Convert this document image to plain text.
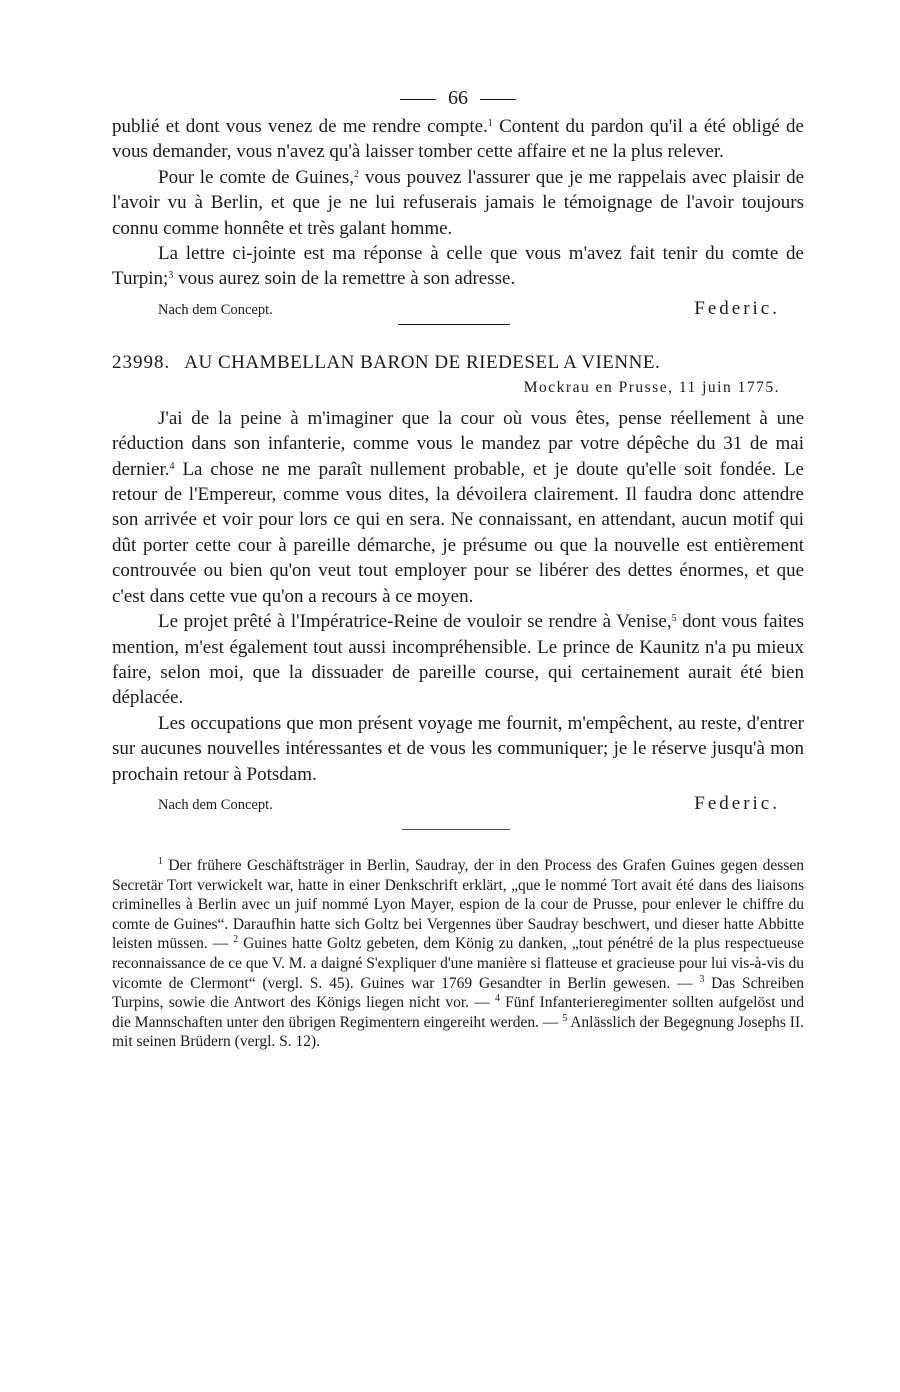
66

publié et dont vous venez de me rendre compte.$^1$ Content du pardon qu'il a été obligé de vous demander, vous n'avez qu'à laisser tomber cette affaire et ne la plus relever.

Pour le comte de Guines,$^2$ vous pouvez l'assurer que je me rappelais avec plaisir de l'avoir vu à Berlin, et que je ne lui refuserais jamais le témoignage de l'avoir toujours connu comme honnête et très galant homme.

La lettre ci-jointe est ma réponse à celle que vous m'avez fait tenir du comte de Turpin;$^3$ vous aurez soin de la remettre à son adresse.

Nach dem Concept.	Federic.
23998. AU CHAMBELLAN BARON DE RIEDESEL A VIENNE.
Mockrau en Prusse, 11 juin 1775.

J'ai de la peine à m'imaginer que la cour où vous êtes, pense réellement à une réduction dans son infanterie, comme vous le mandez par votre dépêche du 31 de mai dernier.$^4$ La chose ne me paraît nullement probable, et je doute qu'elle soit fondée. Le retour de l'Empereur, comme vous dites, la dévoilera clairement. Il faudra donc attendre son arrivée et voir pour lors ce qui en sera. Ne connaissant, en attendant, aucun motif qui dût porter cette cour à pareille démarche, je présume ou que la nouvelle est entièrement controuvée ou bien qu'on veut tout employer pour se libérer des dettes énormes, et que c'est dans cette vue qu'on a recours à ce moyen.

Le projet prêté à l'Impératrice-Reine de vouloir se rendre à Venise,$^5$ dont vous faites mention, m'est également tout aussi incompréhensible. Le prince de Kaunitz n'a pu mieux faire, selon moi, que la dissuader de pareille course, qui certainement aurait été bien déplacée.

Les occupations que mon présent voyage me fournit, m'empêchent, au reste, d'entrer sur aucunes nouvelles intéressantes et de vous les communiquer; je le réserve jusqu'à mon prochain retour à Potsdam.

Nach dem Concept.	Federic.

$^1$ Der frühere Geschäftsträger in Berlin, Saudray, der in den Process des Grafen Guines gegen dessen Secretär Tort verwickelt war, hatte in einer Denkschrift erklärt, „que le nommé Tort avait été dans des liaisons criminelles à Berlin avec un juif nommé Lyon Mayer, espion de la cour de Prusse, pour enlever le chiffre du comte de Guines“. Daraufhin hatte sich Goltz bei Vergennes über Saudray beschwert, und dieser hatte Abbitte leisten müssen. — $^2$ Guines hatte Goltz gebeten, dem König zu danken, „tout pénétré de la plus respectueuse reconnaissance de ce que V. M. a daigné S'expliquer d'une manière si flatteuse et gracieuse pour lui vis-à-vis du vicomte de Clermont“ (vergl. S. 45). Guines war 1769 Gesandter in Berlin gewesen. — $^3$ Das Schreiben Turpins, sowie die Antwort des Königs liegen nicht vor. — $^4$ Fünf Infanterieregimenter sollten aufgelöst und die Mannschaften unter den übrigen Regimentern eingereiht werden. — $^5$ Anlässlich der Begegnung Josephs II. mit seinen Brüdern (vergl. S. 12).
